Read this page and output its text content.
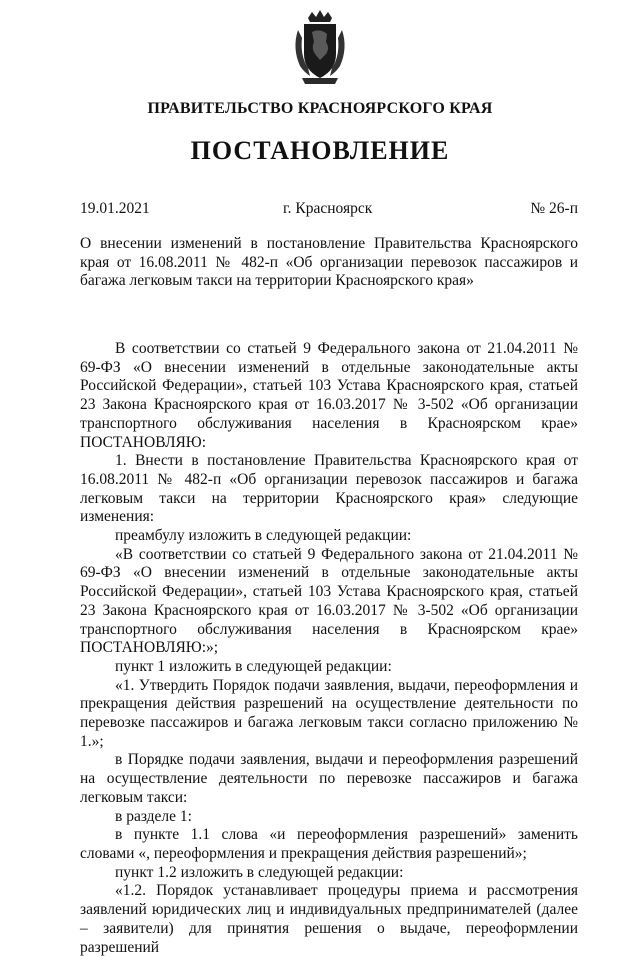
ПРАВИТЕЛЬСТВО КРАСНОЯРСКОГО КРАЯ
ПОСТАНОВЛЕНИЕ
19.01.2021	г. Красноярск	№ 26-п
О внесении изменений в постановление Правительства Красноярского края от 16.08.2011 № 482-п «Об организации перевозок пассажиров и багажа легковым такси на территории Красноярского края»

В соответствии со статьей 9 Федерального закона от 21.04.2011 № 69-ФЗ «О внесении изменений в отдельные законодательные акты Российской Федерации», статьей 103 Устава Красноярского края, статьей 23 Закона Красноярского края от 16.03.2017 № 3-502 «Об организации транспортного обслуживания населения в Красноярском крае» ПОСТАНОВЛЯЮ:

1. Внести в постановление Правительства Красноярского края от 16.08.2011 № 482-п «Об организации перевозок пассажиров и багажа легковым такси на территории Красноярского края» следующие изменения:

преамбулу изложить в следующей редакции:

«В соответствии со статьей 9 Федерального закона от 21.04.2011 № 69-ФЗ «О внесении изменений в отдельные законодательные акты Российской Федерации», статьей 103 Устава Красноярского края, статьей 23 Закона Красноярского края от 16.03.2017 № 3-502 «Об организации транспортного обслуживания населения в Красноярском крае» ПОСТАНОВЛЯЮ:»;

пункт 1 изложить в следующей редакции:

«1. Утвердить Порядок подачи заявления, выдачи, переоформления и прекращения действия разрешений на осуществление деятельности по перевозке пассажиров и багажа легковым такси согласно приложению № 1.»;

в Порядке подачи заявления, выдачи и переоформления разрешений на осуществление деятельности по перевозке пассажиров и багажа легковым такси:

в разделе 1:

в пункте 1.1 слова «и переоформления разрешений» заменить словами «, переоформления и прекращения действия разрешений»;

пункт 1.2 изложить в следующей редакции:

«1.2. Порядок устанавливает процедуры приема и рассмотрения заявлений юридических лиц и индивидуальных предпринимателей (далее – заявители) для принятия решения о выдаче, переоформлении разрешений
